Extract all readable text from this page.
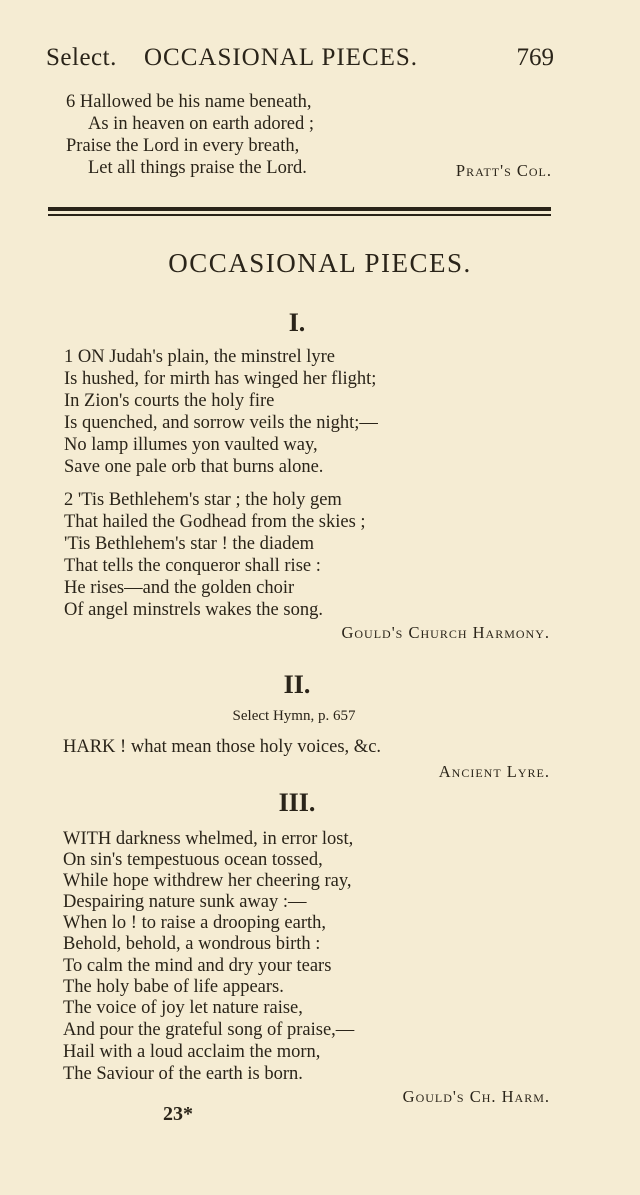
Select. OCCASIONAL PIECES.	769
6 Hallowed be his name beneath,
As in heaven on earth adored ;
Praise the Lord in every breath,
Let all things praise the Lord.	Pratt's Col.
OCCASIONAL PIECES.
I.
1 ON Judah's plain, the minstrel lyre
Is hushed, for mirth has winged her flight;
In Zion's courts the holy fire
Is quenched, and sorrow veils the night;—
No lamp illumes yon vaulted way,
Save one pale orb that burns alone.
2 'Tis Bethlehem's star ; the holy gem
That hailed the Godhead from the skies ;
'Tis Bethlehem's star ! the diadem
That tells the conqueror shall rise :
He rises—and the golden choir
Of angel minstrels wakes the song.
Gould's Church Harmony.
II.
Select Hymn, p. 657
HARK ! what mean those holy voices, &c.
Ancient Lyre.
III.
WITH darkness whelmed, in error lost,
On sin's tempestuous ocean tossed,
While hope withdrew her cheering ray,
Despairing nature sunk away :—
When lo ! to raise a drooping earth,
Behold, behold, a wondrous birth :
To calm the mind and dry your tears
The holy babe of life appears.
The voice of joy let nature raise,
And pour the grateful song of praise,—
Hail with a loud acclaim the morn,
The Saviour of the earth is born.
Gould's Ch. Harm.
23*
